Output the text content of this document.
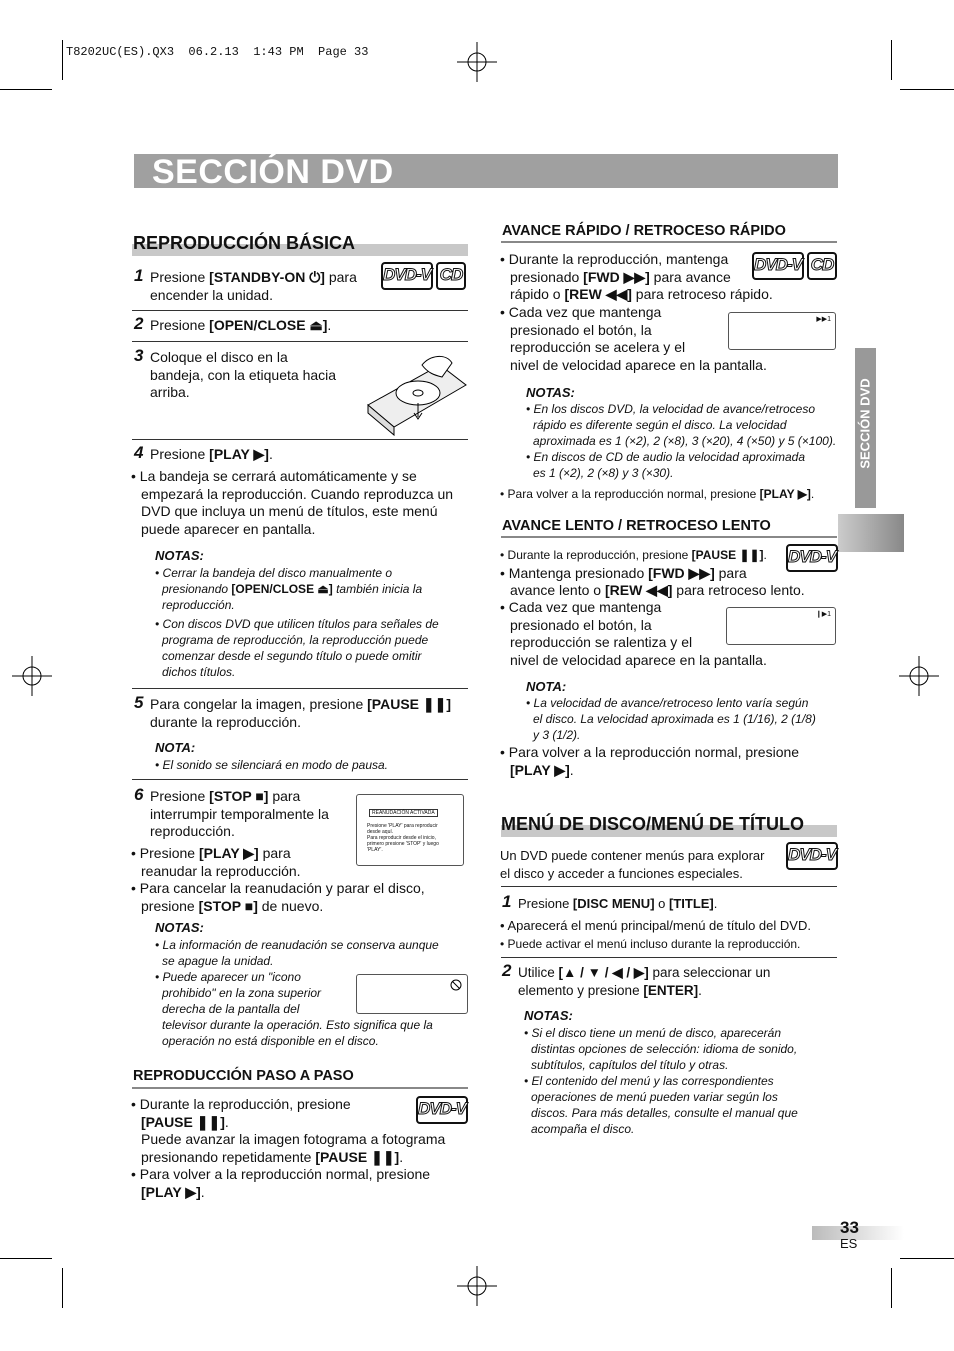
T8202UC(ES).QX3  06.2.13  1:43 PM  Page 33
SECCIÓN DVD
SECCIÓN DVD
REPRODUCCIÓN BÁSICA
1 Presione [STANDBY-ON ⏻] para
encender la unidad.
DVD-V CD
2 Presione [OPEN/CLOSE ⏏].
3 Coloque el disco en la
bandeja, con la etiqueta hacia
arriba.
4 Presione [PLAY ▶].
• La bandeja se cerrará automáticamente y se
empezará la reproducción. Cuando reproduzca un
DVD que incluya un menú de títulos, este menú
puede aparecer en pantalla.
NOTAS:
• Cerrar la bandeja del disco manualmente o
presionando [OPEN/CLOSE ⏏] también inicia la
reproducción.
• Con discos DVD que utilicen títulos para señales de
programa de reproducción, la reproducción puede
comenzar desde el segundo título o puede omitir
dichos títulos.
5 Para congelar la imagen, presione [PAUSE ❚❚]
durante la reproducción.
NOTA:
• El sonido se silenciará en modo de pausa.
6 Presione [STOP ■] para
interrumpir temporalmente la
reproducción.
REANUDACIÓN ACTIVADA
Presione 'PLAY' para reproducir
desde aquí.
Para reproducir desde el inicio,
primero presione 'STOP' y luego
'PLAY'.
• Presione [PLAY ▶] para
reanudar la reproducción.
• Para cancelar la reanudación y parar el disco,
presione [STOP ■] de nuevo.
NOTAS:
• La información de reanudación se conserva aunque
se apague la unidad.
• Puede aparecer un "icono
prohibido" en la zona superior
derecha de la pantalla del
televisor durante la operación. Esto significa que la
operación no está disponible en el disco.
REPRODUCCIÓN PASO A PASO
DVD-V
• Durante la reproducción, presione
[PAUSE ❚❚].
Puede avanzar la imagen fotograma a fotograma
presionando repetidamente [PAUSE ❚❚].
• Para volver a la reproducción normal, presione
[PLAY ▶].
AVANCE RÁPIDO / RETROCESO RÁPIDO
DVD-V CD
• Durante la reproducción, mantenga
presionado [FWD ▶▶] para avance
rápido o [REW ◀◀] para retroceso rápido.
• Cada vez que mantenga
presionado el botón, la
reproducción se acelera y el
nivel de velocidad aparece en la pantalla.
▶▶1
NOTAS:
• En los discos DVD, la velocidad de avance/retroceso
rápido es diferente según el disco. La velocidad
aproximada es 1 (×2), 2 (×8), 3 (×20), 4 (×50) y 5 (×100).
• En discos de CD de audio la velocidad aproximada
es 1 (×2), 2 (×8) y 3 (×30).
• Para volver a la reproducción normal, presione [PLAY ▶].
AVANCE LENTO / RETROCESO LENTO
DVD-V
• Durante la reproducción, presione [PAUSE ❚❚].
• Mantenga presionado [FWD ▶▶] para
avance lento o [REW ◀◀] para retroceso lento.
• Cada vez que mantenga
presionado el botón, la
reproducción se ralentiza y el
nivel de velocidad aparece en la pantalla.
❙▶1
NOTA:
• La velocidad de avance/retroceso lento varía según
el disco. La velocidad aproximada es 1 (1/16), 2 (1/8)
y 3 (1/2).
• Para volver a la reproducción normal, presione
[PLAY ▶].
MENÚ DE DISCO/MENÚ DE TÍTULO
DVD-V
Un DVD puede contener menús para explorar
el disco y acceder a funciones especiales.
1 Presione [DISC MENU] o [TITLE].
• Aparecerá el menú principal/menú de título del DVD.
• Puede activar el menú incluso durante la reproducción.
2 Utilice [▲ / ▼ / ◀ / ▶] para seleccionar un
elemento y presione [ENTER].
NOTAS:
• Si el disco tiene un menú de disco, aparecerán
distintas opciones de selección: idioma de sonido,
subtítulos, capítulos del título y otras.
• El contenido del menú y las correspondientes
operaciones de menú pueden variar según los
discos. Para más detalles, consulte el manual que
acompaña el disco.
33
ES
